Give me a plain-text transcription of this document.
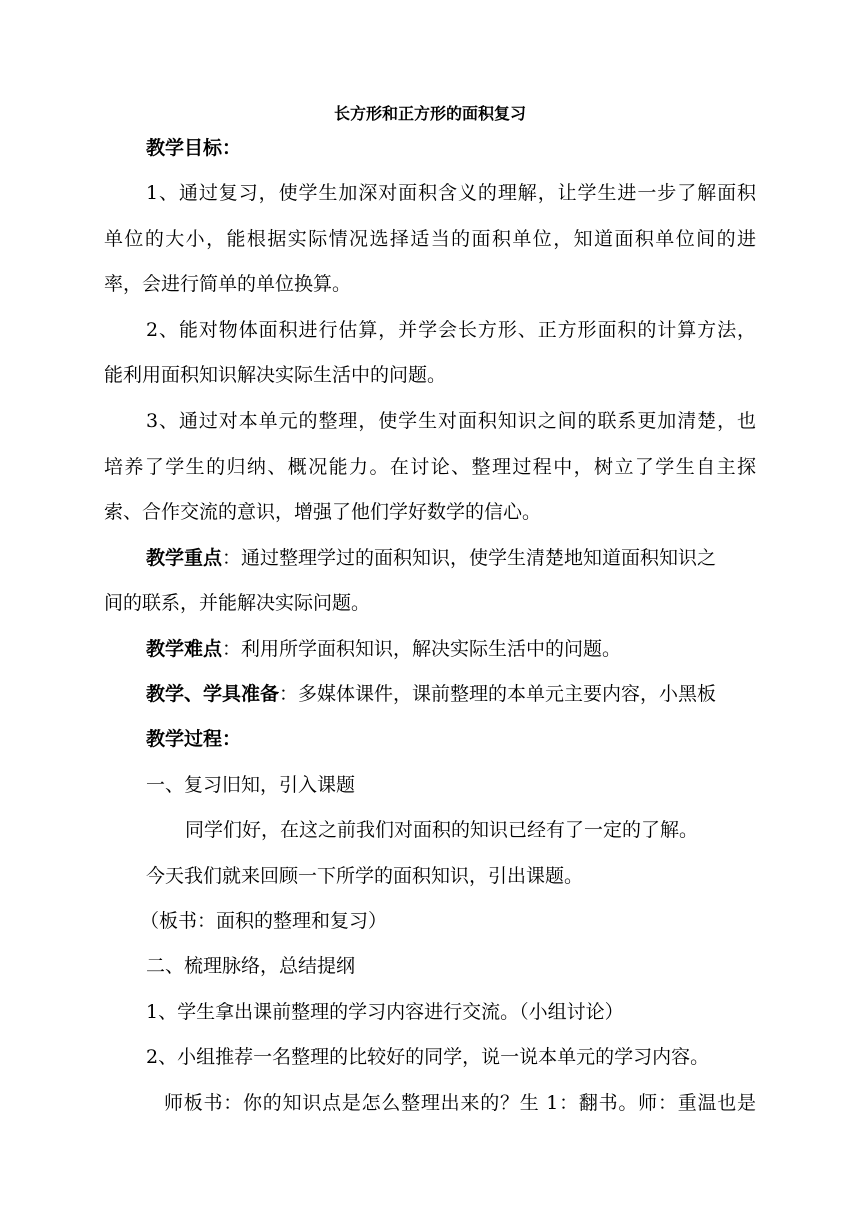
长方形和正方形的面积复习
教学目标：
1、通过复习，使学生加深对面积含义的理解，让学生进一步了解面积
单位的大小，能根据实际情况选择适当的面积单位，知道面积单位间的进
率，会进行简单的单位换算。
2、能对物体面积进行估算，并学会长方形、正方形面积的计算方法，
能利用面积知识解决实际生活中的问题。
3、通过对本单元的整理，使学生对面积知识之间的联系更加清楚，也
培养了学生的归纳、概况能力。在讨论、整理过程中，树立了学生自主探
索、合作交流的意识，增强了他们学好数学的信心。
教学重点：通过整理学过的面积知识，使学生清楚地知道面积知识之
间的联系，并能解决实际问题。
教学难点：利用所学面积知识，解决实际生活中的问题。
教学、学具准备：多媒体课件，课前整理的本单元主要内容，小黑板
教学过程：
一、复习旧知，引入课题
同学们好，在这之前我们对面积的知识已经有了一定的了解。
今天我们就来回顾一下所学的面积知识，引出课题。
（板书：面积的整理和复习）
二、梳理脉络，总结提纲
1、学生拿出课前整理的学习内容进行交流。（小组讨论）
2、小组推荐一名整理的比较好的同学，说一说本单元的学习内容。
师板书：你的知识点是怎么整理出来的？生 1：翻书。师：重温也是
